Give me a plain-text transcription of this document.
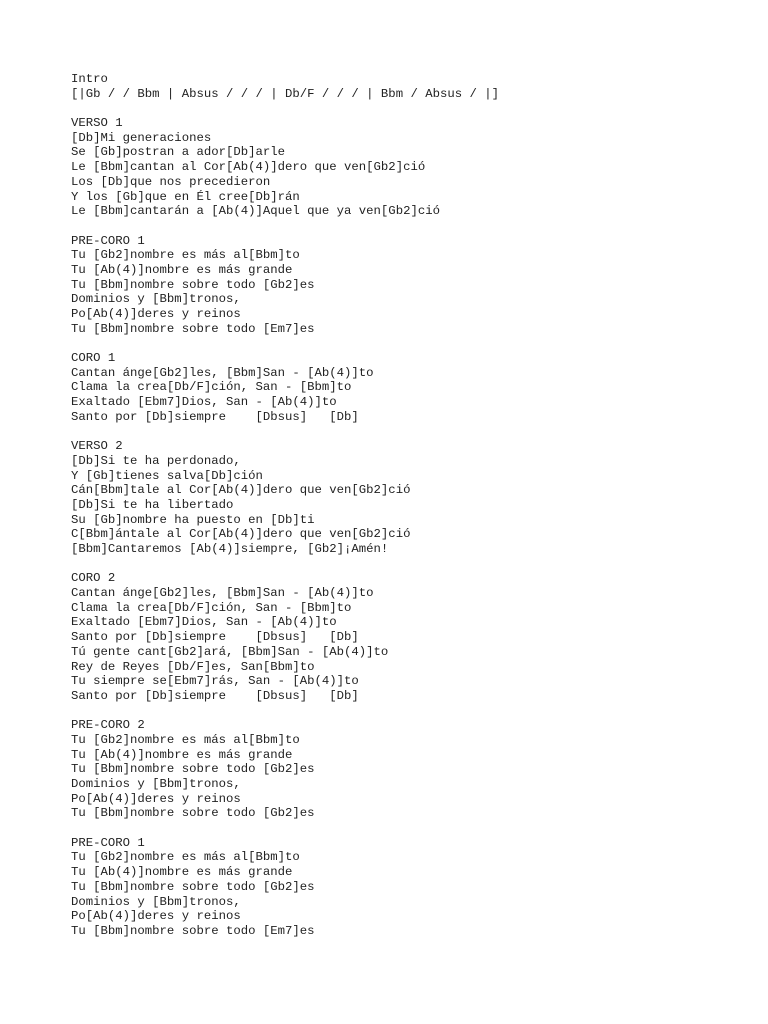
Intro
[|Gb / / Bbm | Absus / / / | Db/F / / / | Bbm / Absus / |]
VERSO 1
[Db]Mi generaciones
Se [Gb]postran a ador[Db]arle
Le [Bbm]cantan al Cor[Ab(4)]dero que ven[Gb2]ció
Los [Db]que nos precedieron
Y los [Gb]que en Él cree[Db]rán
Le [Bbm]cantarán a [Ab(4)]Aquel que ya ven[Gb2]ció
PRE-CORO 1
Tu [Gb2]nombre es más al[Bbm]to
Tu [Ab(4)]nombre es más grande
Tu [Bbm]nombre sobre todo [Gb2]es
Dominios y [Bbm]tronos,
Po[Ab(4)]deres y reinos
Tu [Bbm]nombre sobre todo [Em7]es
CORO 1
Cantan ánge[Gb2]les, [Bbm]San - [Ab(4)]to
Clama la crea[Db/F]ción, San - [Bbm]to
Exaltado [Ebm7]Dios, San - [Ab(4)]to
Santo por [Db]siempre    [Dbsus]   [Db]
VERSO 2
[Db]Si te ha perdonado,
Y [Gb]tienes salva[Db]ción
Cán[Bbm]tale al Cor[Ab(4)]dero que ven[Gb2]ció
[Db]Si te ha libertado
Su [Gb]nombre ha puesto en [Db]ti
C[Bbm]ántale al Cor[Ab(4)]dero que ven[Gb2]ció
[Bbm]Cantaremos [Ab(4)]siempre, [Gb2]¡Amén!
CORO 2
Cantan ánge[Gb2]les, [Bbm]San - [Ab(4)]to
Clama la crea[Db/F]ción, San - [Bbm]to
Exaltado [Ebm7]Dios, San - [Ab(4)]to
Santo por [Db]siempre    [Dbsus]   [Db]
Tú gente cant[Gb2]ará, [Bbm]San - [Ab(4)]to
Rey de Reyes [Db/F]es, San[Bbm]to
Tu siempre se[Ebm7]rás, San - [Ab(4)]to
Santo por [Db]siempre    [Dbsus]   [Db]
PRE-CORO 2
Tu [Gb2]nombre es más al[Bbm]to
Tu [Ab(4)]nombre es más grande
Tu [Bbm]nombre sobre todo [Gb2]es
Dominios y [Bbm]tronos,
Po[Ab(4)]deres y reinos
Tu [Bbm]nombre sobre todo [Gb2]es
PRE-CORO 1
Tu [Gb2]nombre es más al[Bbm]to
Tu [Ab(4)]nombre es más grande
Tu [Bbm]nombre sobre todo [Gb2]es
Dominios y [Bbm]tronos,
Po[Ab(4)]deres y reinos
Tu [Bbm]nombre sobre todo [Em7]es
